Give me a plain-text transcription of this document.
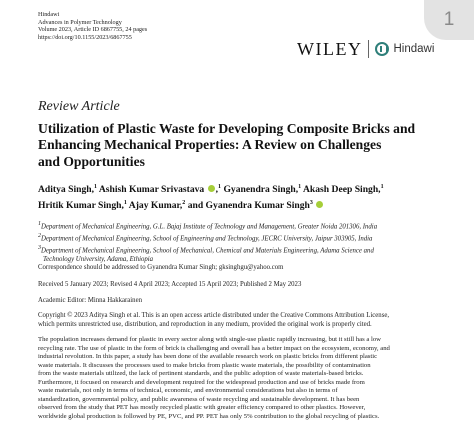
1
Hindawi
Advances in Polymer Technology
Volume 2023, Article ID 6867755, 24 pages
https://doi.org/10.1155/2023/6867755
WILEY	Hindawi
Review Article
Utilization of Plastic Waste for Developing Composite Bricks and
Enhancing Mechanical Properties: A Review on Challenges
and Opportunities
Aditya Singh,$^1$ Ashish Kumar Srivastava ,$^1$ Gyanendra Singh,$^1$ Akash Deep Singh,$^1$
Hritik Kumar Singh,$^1$ Ajay Kumar,$^2$ and Gyanendra Kumar Singh$^3$
$^1$Department of Mechanical Engineering, G.L. Bajaj Institute of Technology and Management, Greater Noida 201306, India
$^2$Department of Mechanical Engineering, School of Engineering and Technology, JECRC University, Jaipur 303905, India
$^3$Department of Mechanical Engineering, School of Mechanical, Chemical and Materials Engineering, Adama Science and
Technology University, Adama, Ethiopia
Correspondence should be addressed to Gyanendra Kumar Singh; gksinghgu@yahoo.com
Received 5 January 2023; Revised 4 April 2023; Accepted 15 April 2023; Published 2 May 2023
Academic Editor: Minna Hakkarainen
Copyright © 2023 Aditya Singh et al. This is an open access article distributed under the Creative Commons Attribution License,
which permits unrestricted use, distribution, and reproduction in any medium, provided the original work is properly cited.
The population increases demand for plastic in every sector along with single-use plastic rapidly increasing, but it still has a low
recycling rate. The use of plastic in the form of brick is challenging and overall has a better impact on the ecosystem, economy, and
industrial revolution. In this paper, a study has been done of the available research work on plastic bricks from different plastic
waste materials. It discusses the processes used to make bricks from plastic waste materials, the possibility of contamination
from the waste materials utilized, the lack of pertinent standards, and the public adoption of waste materials-based bricks.
Furthermore, it focused on research and development required for the widespread production and use of bricks made from
waste materials, not only in terms of technical, economic, and environmental considerations but also in terms of
standardization, governmental policy, and public awareness of waste recycling and sustainable development. It has been
observed from the study that PET has mostly recycled plastic with greater efficiency compared to other plastics. However,
worldwide global production is followed by PE, PVC, and PP. PET has only 5% contribution to the global recycling of plastics.
